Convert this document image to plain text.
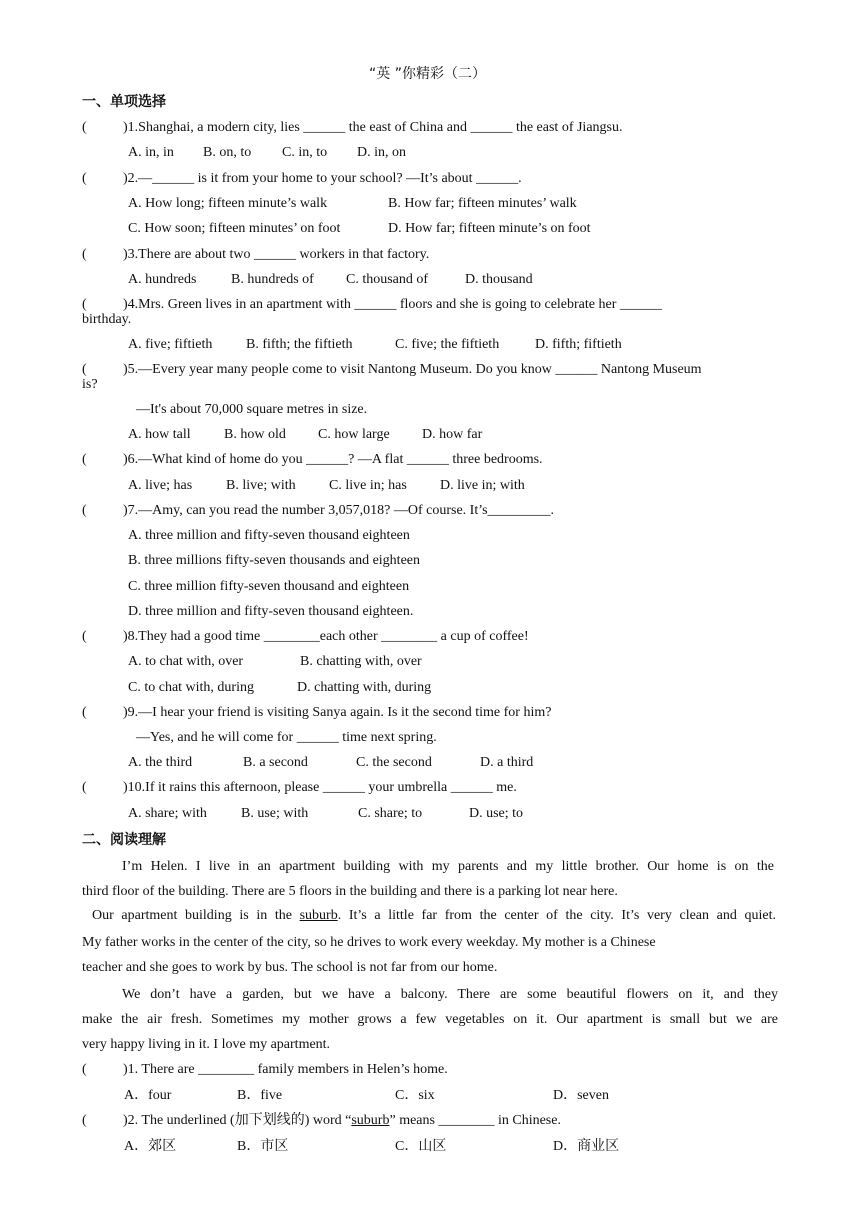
“英 ”你精彩（二）
一、单项选择
(	)1.Shanghai, a modern city, lies ______ the east of China and ______ the east of Jiangsu.
A. in, in B. on, to C. in, to D. in, on
(	)2.—______ is it from your home to your school? —It’s about ______.
A. How long; fifteen minute’s walk	B. How far; fifteen minutes’ walk
C. How soon; fifteen minutes’ on foot	D. How far; fifteen minute’s on foot
(	)3.There are about two ______ workers in that factory.
A. hundreds B. hundreds of C. thousand of	D. thousand
(	)4.Mrs. Green lives in an apartment with ______ floors and she is going to celebrate her ______
birthday.
A. five; fiftieth B. fifth; the fiftieth	C. five; the fiftieth	D. fifth; fiftieth
(	)5.—Every year many people come to visit Nantong Museum. Do you know ______ Nantong Museum
is?
—It's about 70,000 square metres in size.
A. how tall B. how old C. how large D. how far
(	)6.—What kind of home do you ______? —A flat ______ three bedrooms.
A. live; has B. live; with C. live in; has D. live in; with
(	)7.—Amy, can you read the number 3,057,018? —Of course. It’s_________.
A. three million and fifty-seven thousand eighteen
B. three millions fifty-seven thousands and eighteen
C. three million fifty-seven thousand and eighteen
D. three million and fifty-seven thousand eighteen.
(	)8.They had a good time ________each other ________ a cup of coffee!
A. to chat with, over	B. chatting with, over
C. to chat with, during	D. chatting with, during
(	)9.—I hear your friend is visiting Sanya again. Is it the second time for him?
—Yes, and he will come for ______ time next spring.
A. the third	B. a second	C. the second	D. a third
(	)10.If it rains this afternoon, please ______ your umbrella ______ me.
A. share; with B. use; with	C. share; to	D. use; to
二、阅读理解
I’m Helen. I live in an apartment building with my parents and my little brother. Our home is on the
third floor of the building. There are 5 floors in the building and there is a parking lot near here.
Our apartment building is in the suburb. It’s a little far from the center of the city. It’s very clean and quiet.
My father works in the center of the city, so he drives to work every weekday. My mother is a Chinese
teacher and she goes to work by bus. The school is not far from our home.
We don’t have a garden, but we have a balcony. There are some beautiful flowers on it, and they
make the air fresh. Sometimes my mother grows a few vegetables on it. Our apartment is small but we are
very happy living in it. I love my apartment.
(	)1. There are ________ family members in Helen’s home.
A．four	B．five	C．six	D．seven
(	)2. The underlined (加下划线的) word “suburb” means ________ in Chinese.
A．郊区	B．市区	C．山区	D．商业区
